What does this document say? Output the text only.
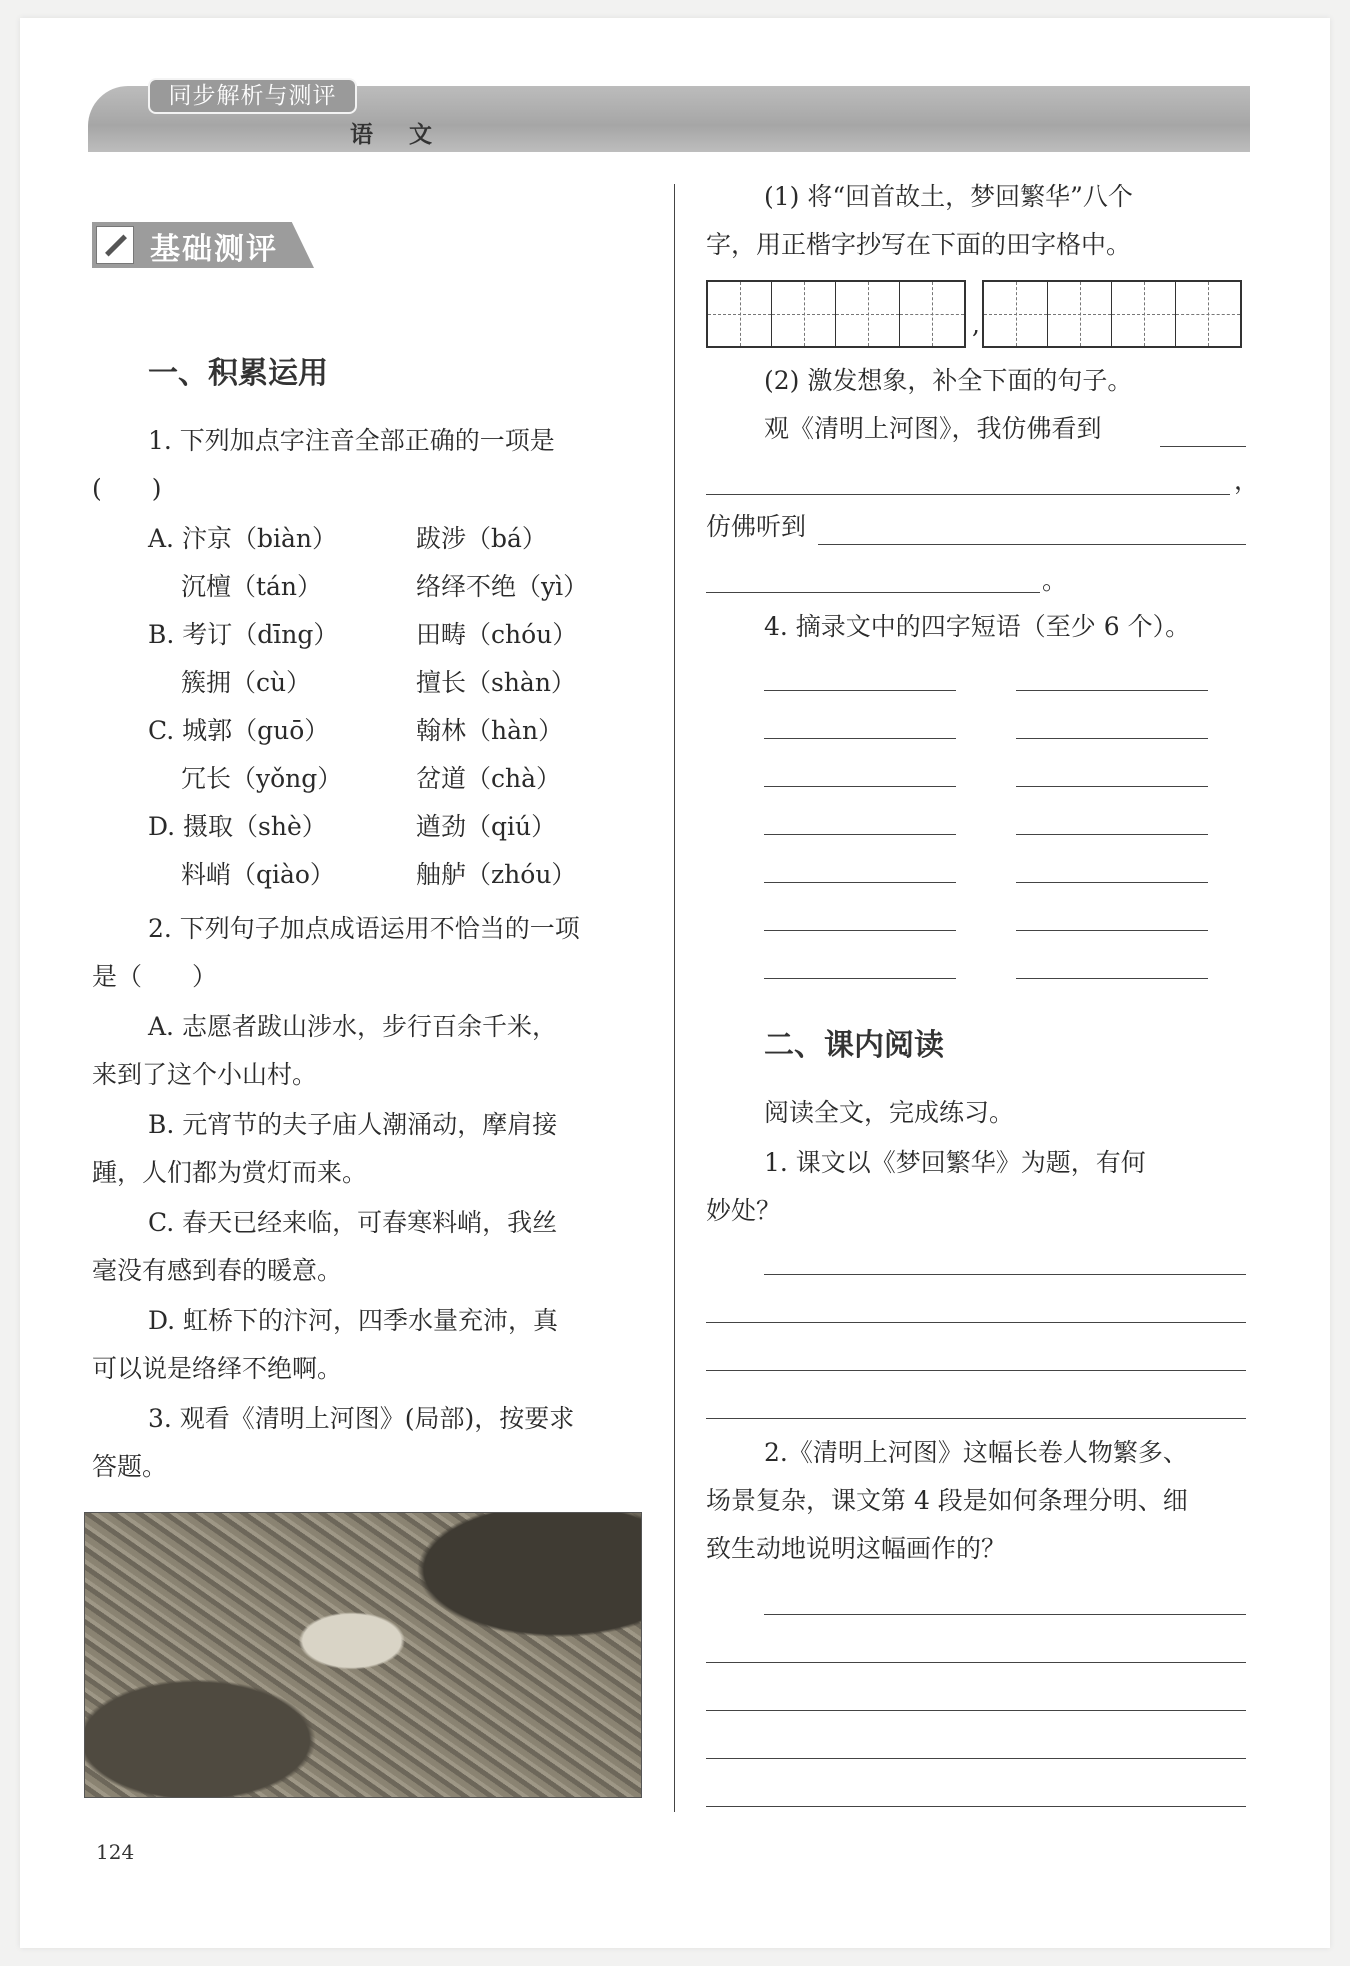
同步解析与测评
语 文
基础测评
一、积累运用
1. 下列加点字注音全部正确的一项是
(　　)
A. 汴京（biàn）	跋涉（bá）
　 沉檀（tán）	络绎不绝（yì）
B. 考订（dīng）	田畴（chóu）
　 簇拥（cù）	擅长（shàn）
C. 城郭（guō）	翰林（hàn）
　 冗长（yǒng）	岔道（chà）
D. 摄取（shè）	遒劲（qiú）
　 料峭（qiào）	舳舻（zhóu）
2. 下列句子加点成语运用不恰当的一项
是（　　）
A. 志愿者跋山涉水，步行百余千米，
来到了这个小山村。
B. 元宵节的夫子庙人潮涌动，摩肩接
踵，人们都为赏灯而来。
C. 春天已经来临，可春寒料峭，我丝
毫没有感到春的暖意。
D. 虹桥下的汴河，四季水量充沛，真
可以说是络绎不绝啊。
3. 观看《清明上河图》(局部)，按要求
答题。
124
(1) 将“回首故土，梦回繁华”八个
字，用正楷字抄写在下面的田字格中。
,
(2) 激发想象，补全下面的句子。
观《清明上河图》，我仿佛看到
，
仿佛听到
。
4. 摘录文中的四字短语（至少 6 个）。
二、课内阅读
阅读全文，完成练习。
1. 课文以《梦回繁华》为题，有何
妙处？
2.《清明上河图》这幅长卷人物繁多、
场景复杂，课文第 4 段是如何条理分明、细
致生动地说明这幅画作的？
